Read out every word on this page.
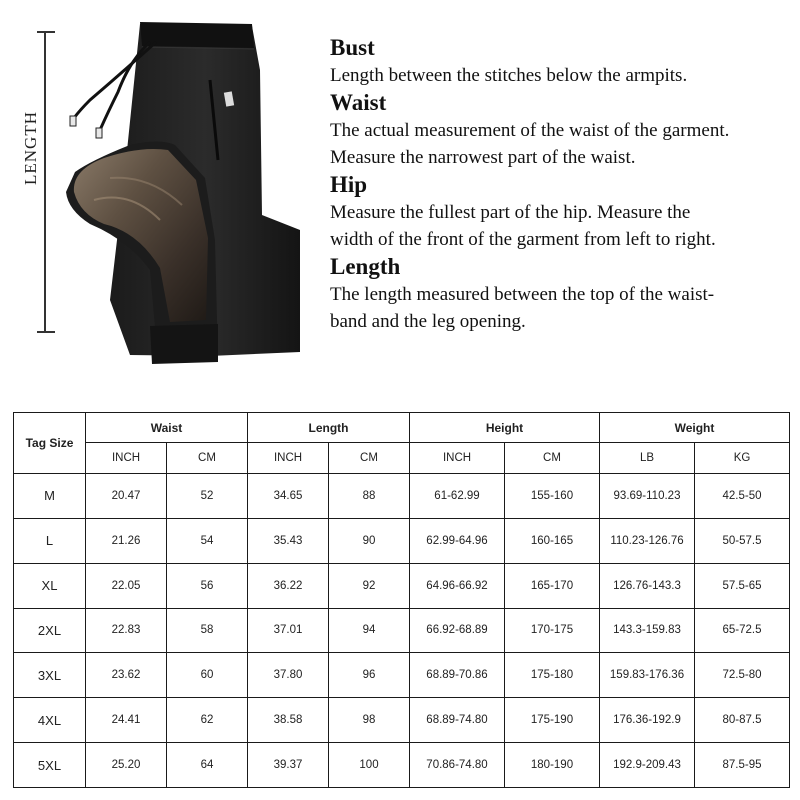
LENGTH
Bust
Length between the stitches below the armpits.
Waist
The actual measurement of the waist of the garment.
Measure the narrowest part of the waist.
Hip
Measure the fullest part of the hip. Measure the
width of the front of the garment from left to right.
Length
The length measured between the top of the waist-
band and the leg opening.
Tag Size	Waist		Length		Height		Weight	
	INCH	CM	INCH	CM	INCH	CM	LB	KG
M	20.47	52	34.65	88	61-62.99	155-160	93.69-110.23	42.5-50
L	21.26	54	35.43	90	62.99-64.96	160-165	110.23-126.76	50-57.5
XL	22.05	56	36.22	92	64.96-66.92	165-170	126.76-143.3	57.5-65
2XL	22.83	58	37.01	94	66.92-68.89	170-175	143.3-159.83	65-72.5
3XL	23.62	60	37.80	96	68.89-70.86	175-180	159.83-176.36	72.5-80
4XL	24.41	62	38.58	98	68.89-74.80	175-190	176.36-192.9	80-87.5
5XL	25.20	64	39.37	100	70.86-74.80	180-190	192.9-209.43	87.5-95
